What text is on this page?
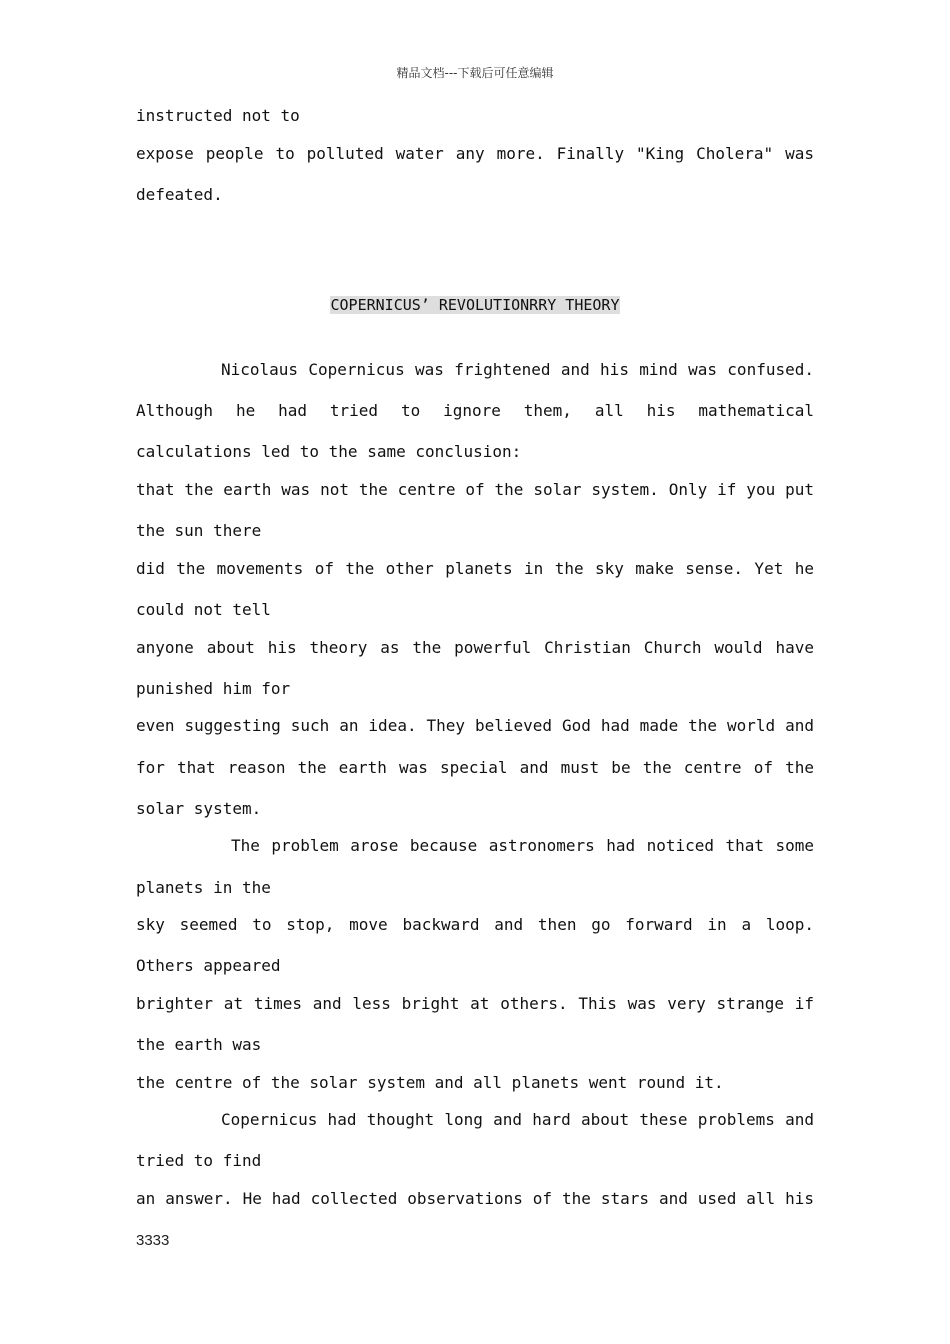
精品文档---下载后可任意编辑
instructed not to
expose people to polluted water any more. Finally "King Cholera" was
defeated.
COPERNICUS’ REVOLUTIONRRY THEORY
Nicolaus Copernicus was frightened and his mind was confused.
Although he had tried to ignore them, all his mathematical
calculations led to the same conclusion:
that the earth was not the centre of the solar system. Only if you put
the sun there
did the movements of the other planets in the sky make sense. Yet he
could not tell
anyone about his theory as the powerful Christian Church would have
punished him for
even suggesting such an idea. They believed God had made the world and
for that reason the earth was special and must be the centre of the
solar system.
The problem arose because astronomers had noticed that some
planets in the
sky seemed to stop, move backward and then go forward in a loop.
Others appeared
brighter at times and less bright at others. This was very strange if
the earth was
the centre of the solar system and all planets went round it.
Copernicus had thought long and hard about these problems and
tried to find
an answer. He had collected observations of the stars and used all his
3333
